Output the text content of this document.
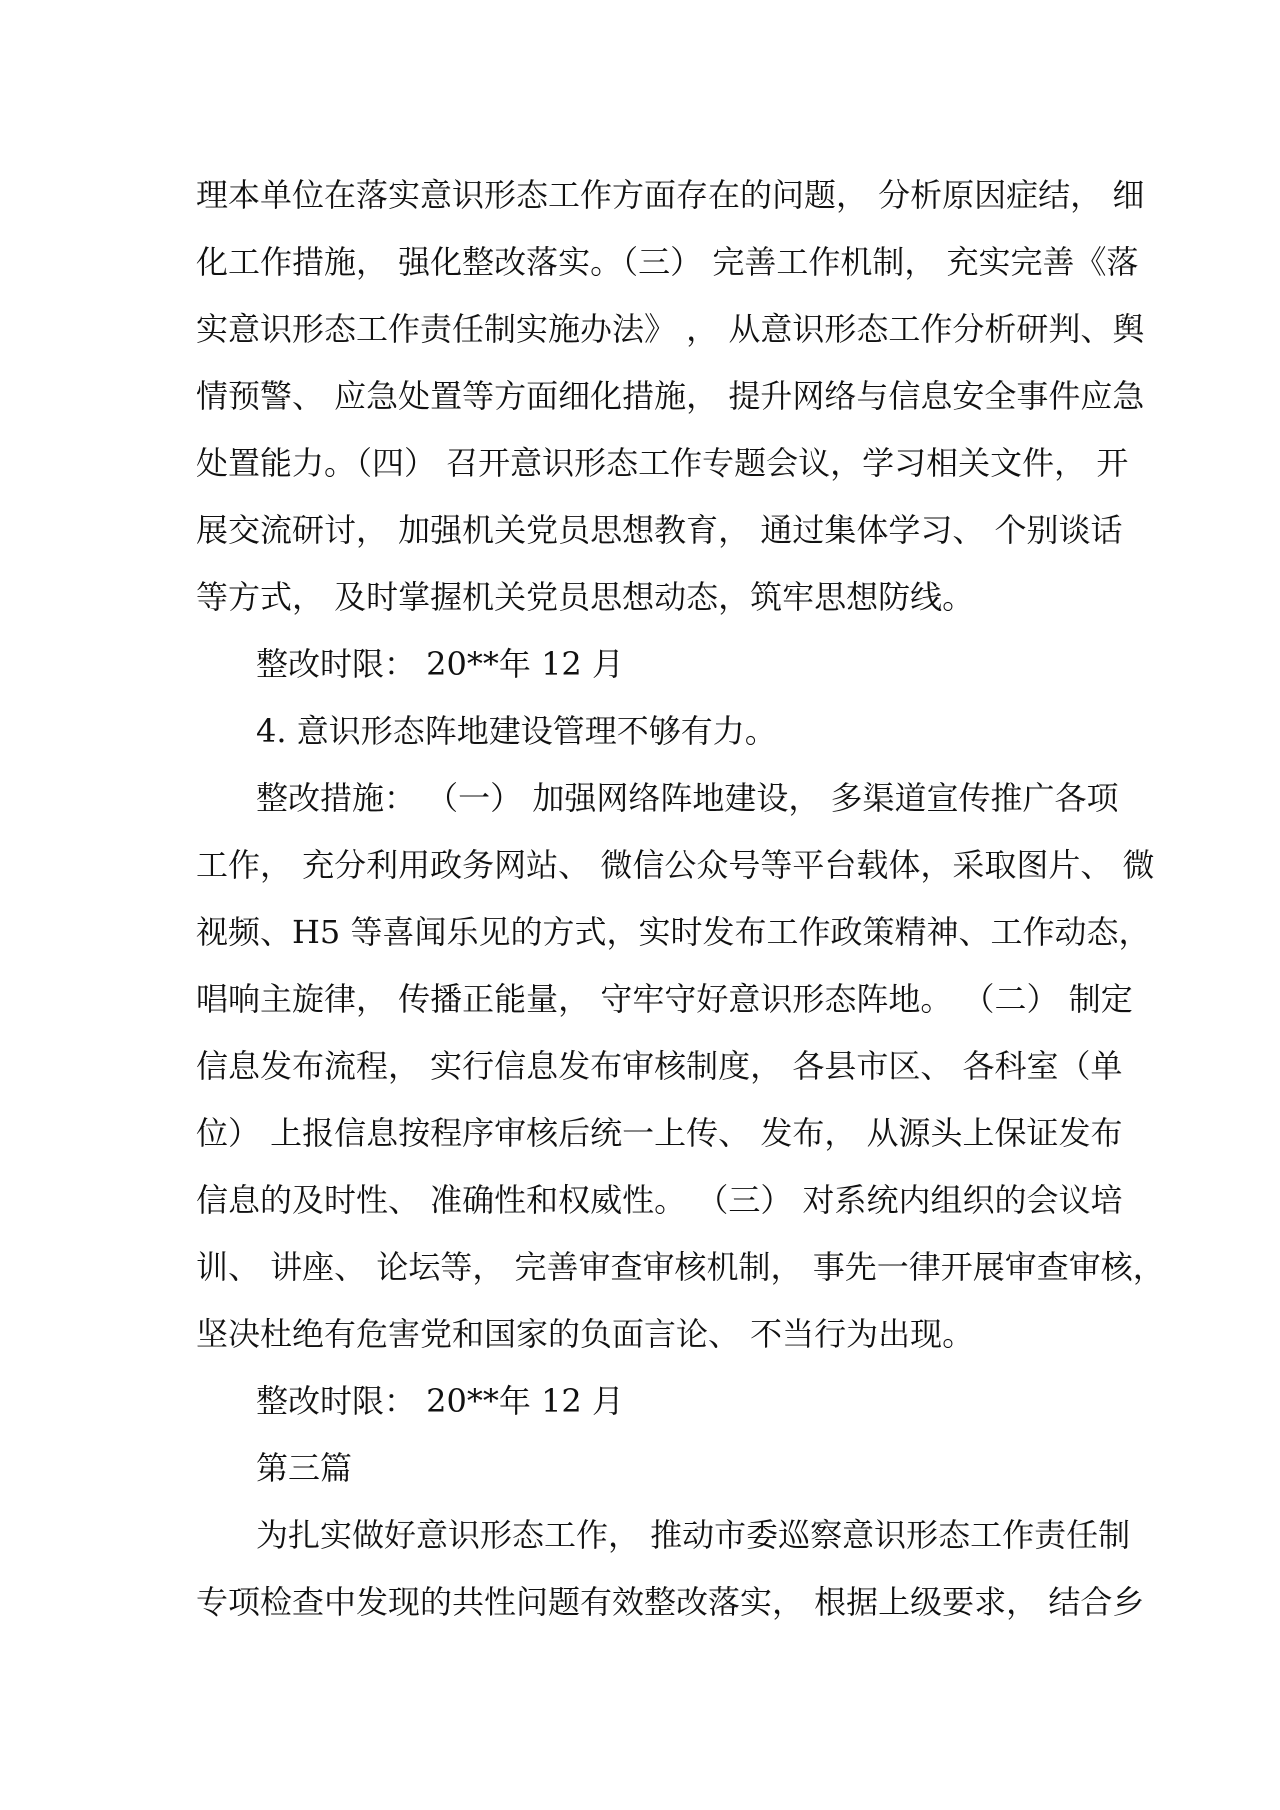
理本单位在落实意识形态工作方面存在的问题， 分析原因症结， 细
化工作措施， 强化整改落实。（三） 完善工作机制， 充实完善《落
实意识形态工作责任制实施办法》 ， 从意识形态工作分析研判、舆
情预警、 应急处置等方面细化措施， 提升网络与信息安全事件应急
处置能力。（四） 召开意识形态工作专题会议，学习相关文件， 开
展交流研讨， 加强机关党员思想教育， 通过集体学习、 个别谈话
等方式， 及时掌握机关党员思想动态，筑牢思想防线。
整改时限： 20**年 12 月
4. 意识形态阵地建设管理不够有力。
整改措施： （一） 加强网络阵地建设， 多渠道宣传推广各项
工作， 充分利用政务网站、 微信公众号等平台载体，采取图片、 微
视频、H5 等喜闻乐见的方式，实时发布工作政策精神、工作动态，
唱响主旋律， 传播正能量， 守牢守好意识形态阵地。 （二） 制定
信息发布流程， 实行信息发布审核制度， 各县市区、 各科室（单
位） 上报信息按程序审核后统一上传、 发布， 从源头上保证发布
信息的及时性、 准确性和权威性。 （三） 对系统内组织的会议培
训、 讲座、 论坛等， 完善审查审核机制， 事先一律开展审查审核，
坚决杜绝有危害党和国家的负面言论、 不当行为出现。
整改时限： 20**年 12 月
第三篇
为扎实做好意识形态工作， 推动市委巡察意识形态工作责任制
专项检查中发现的共性问题有效整改落实， 根据上级要求， 结合乡
